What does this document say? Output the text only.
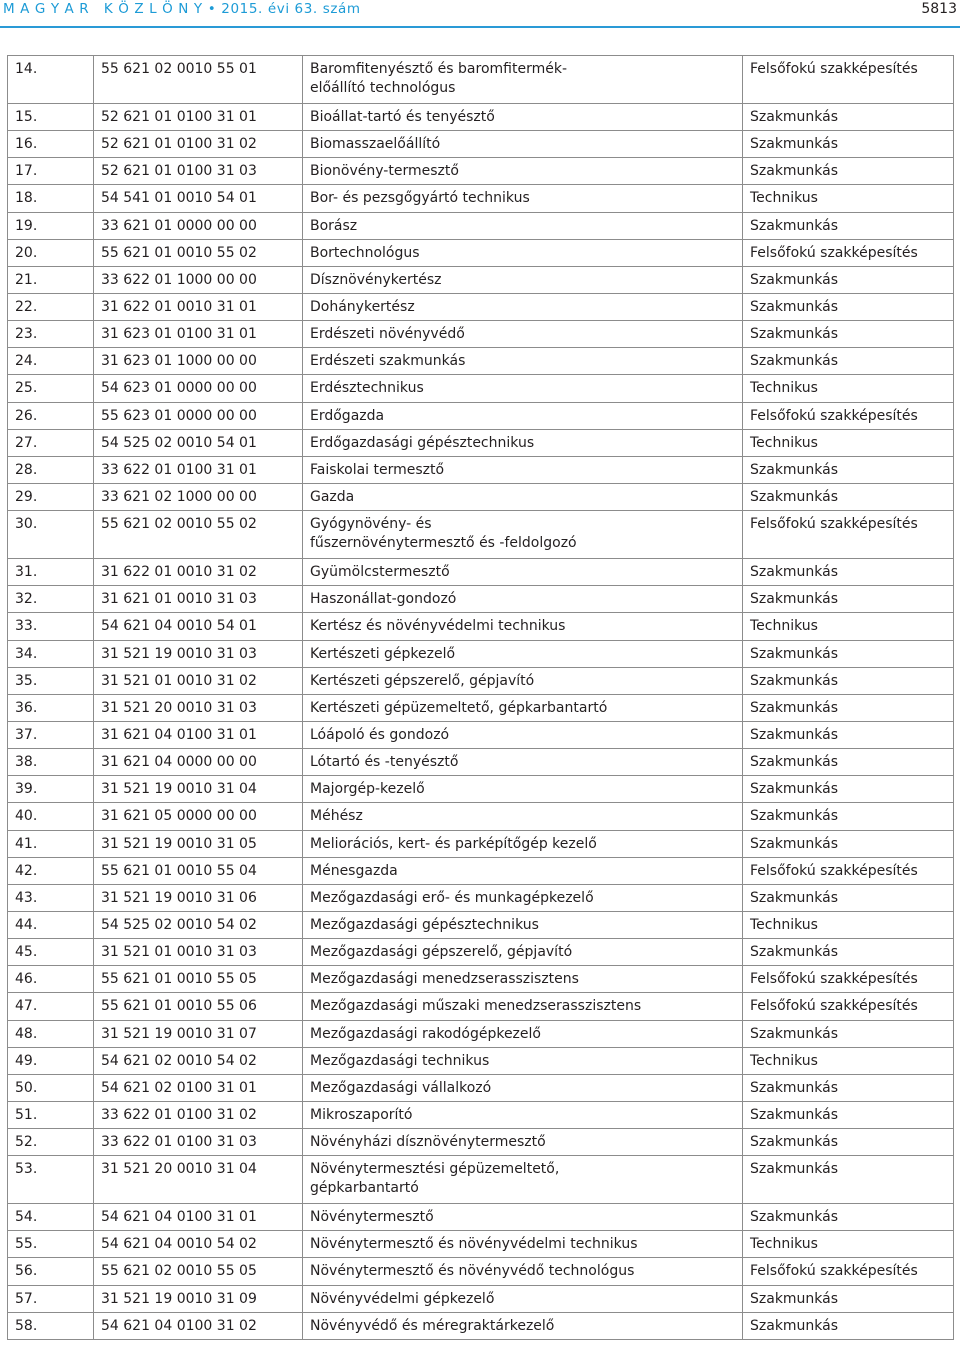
M A G Y A R   K Ö Z L Ö N Y • 2015. évi 63. szám	5813
14.	55 621 02 0010 55 01	Baromfitenyésztő és baromfitermék-előállító technológus	Felsőfokú szakképesítés
15.	52 621 01 0100 31 01	Bioállat-tartó és tenyésztő	Szakmunkás
16.	52 621 01 0100 31 02	Biomasszaelőállító	Szakmunkás
17.	52 621 01 0100 31 03	Bionövény-termesztő	Szakmunkás
18.	54 541 01 0010 54 01	Bor- és pezsgőgyártó technikus	Technikus
19.	33 621 01 0000 00 00	Borász	Szakmunkás
20.	55 621 01 0010 55 02	Bortechnológus	Felsőfokú szakképesítés
21.	33 622 01 1000 00 00	Dísznövénykertész	Szakmunkás
22.	31 622 01 0010 31 01	Dohánykertész	Szakmunkás
23.	31 623 01 0100 31 01	Erdészeti növényvédő	Szakmunkás
24.	31 623 01 1000 00 00	Erdészeti szakmunkás	Szakmunkás
25.	54 623 01 0000 00 00	Erdésztechnikus	Technikus
26.	55 623 01 0000 00 00	Erdőgazda	Felsőfokú szakképesítés
27.	54 525 02 0010 54 01	Erdőgazdasági gépésztechnikus	Technikus
28.	33 622 01 0100 31 01	Faiskolai termesztő	Szakmunkás
29.	33 621 02 1000 00 00	Gazda	Szakmunkás
30.	55 621 02 0010 55 02	Gyógynövény- és fűszernövénytermesztő és -feldolgozó	Felsőfokú szakképesítés
31.	31 622 01 0010 31 02	Gyümölcstermesztő	Szakmunkás
32.	31 621 01 0010 31 03	Haszonállat-gondozó	Szakmunkás
33.	54 621 04 0010 54 01	Kertész és növényvédelmi technikus	Technikus
34.	31 521 19 0010 31 03	Kertészeti gépkezelő	Szakmunkás
35.	31 521 01 0010 31 02	Kertészeti gépszerelő, gépjavító	Szakmunkás
36.	31 521 20 0010 31 03	Kertészeti gépüzemeltető, gépkarbantartó	Szakmunkás
37.	31 621 04 0100 31 01	Lóápoló és gondozó	Szakmunkás
38.	31 621 04 0000 00 00	Lótartó és -tenyésztő	Szakmunkás
39.	31 521 19 0010 31 04	Majorgép-kezelő	Szakmunkás
40.	31 621 05 0000 00 00	Méhész	Szakmunkás
41.	31 521 19 0010 31 05	Meliorációs, kert- és parképítőgép kezelő	Szakmunkás
42.	55 621 01 0010 55 04	Ménesgazda	Felsőfokú szakképesítés
43.	31 521 19 0010 31 06	Mezőgazdasági erő- és munkagépkezelő	Szakmunkás
44.	54 525 02 0010 54 02	Mezőgazdasági gépésztechnikus	Technikus
45.	31 521 01 0010 31 03	Mezőgazdasági gépszerelő, gépjavító	Szakmunkás
46.	55 621 01 0010 55 05	Mezőgazdasági menedzserasszisztens	Felsőfokú szakképesítés
47.	55 621 01 0010 55 06	Mezőgazdasági műszaki menedzserasszisztens	Felsőfokú szakképesítés
48.	31 521 19 0010 31 07	Mezőgazdasági rakodógépkezelő	Szakmunkás
49.	54 621 02 0010 54 02	Mezőgazdasági technikus	Technikus
50.	54 621 02 0100 31 01	Mezőgazdasági vállalkozó	Szakmunkás
51.	33 622 01 0100 31 02	Mikroszaporító	Szakmunkás
52.	33 622 01 0100 31 03	Növényházi dísznövénytermesztő	Szakmunkás
53.	31 521 20 0010 31 04	Növénytermesztési gépüzemeltető, gépkarbantartó	Szakmunkás
54.	54 621 04 0100 31 01	Növénytermesztő	Szakmunkás
55.	54 621 04 0010 54 02	Növénytermesztő és növényvédelmi technikus	Technikus
56.	55 621 02 0010 55 05	Növénytermesztő és növényvédő technológus	Felsőfokú szakképesítés
57.	31 521 19 0010 31 09	Növényvédelmi gépkezelő	Szakmunkás
58.	54 621 04 0100 31 02	Növényvédő és méregraktárkezelő	Szakmunkás
